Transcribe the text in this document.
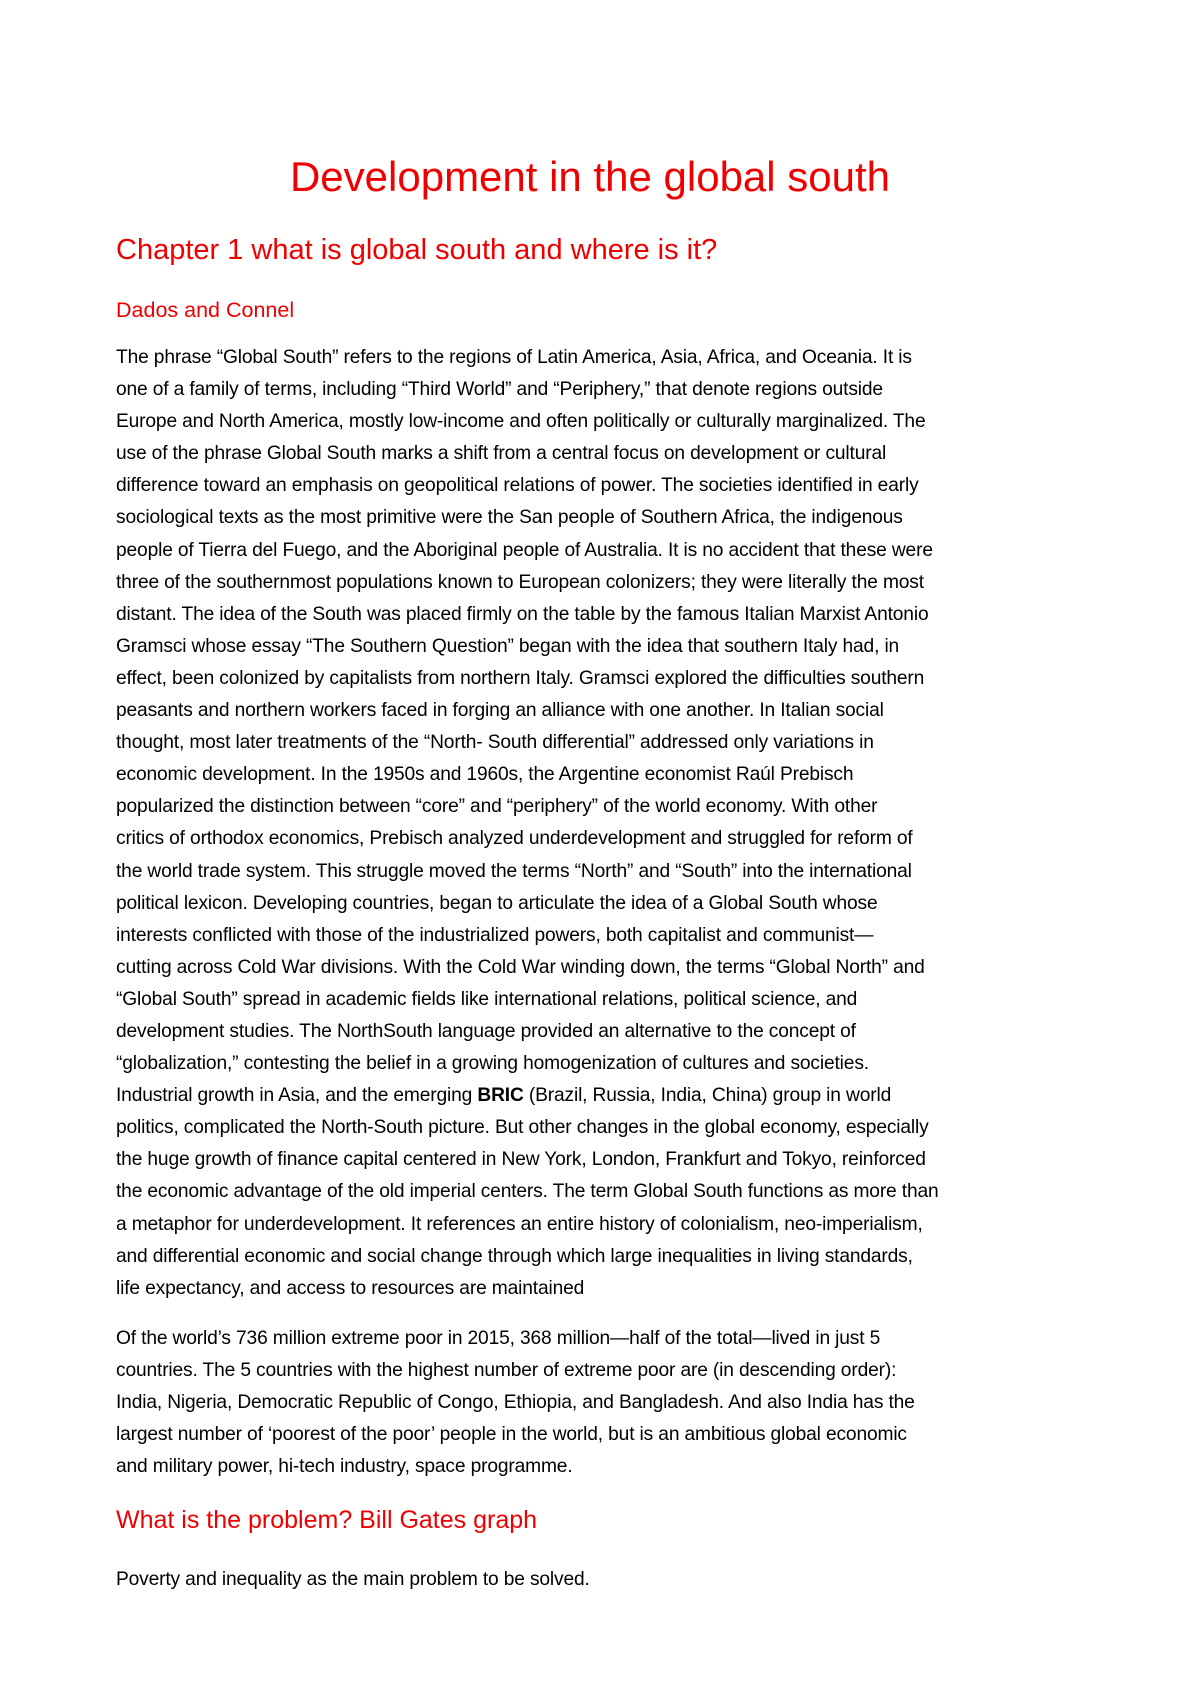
Development in the global south
Chapter 1 what is global south and where is it?
Dados and Connel

The phrase “Global South” refers to the regions of Latin America, Asia, Africa, and Oceania. It is
one of a family of terms, including “Third World” and “Periphery,” that denote regions outside
Europe and North America, mostly low-income and often politically or culturally marginalized. The
use of the phrase Global South marks a shift from a central focus on development or cultural
difference toward an emphasis on geopolitical relations of power. The societies identified in early
sociological texts as the most primitive were the San people of Southern Africa, the indigenous
people of Tierra del Fuego, and the Aboriginal people of Australia. It is no accident that these were
three of the southernmost populations known to European colonizers; they were literally the most
distant. The idea of the South was placed firmly on the table by the famous Italian Marxist Antonio
Gramsci whose essay “The Southern Question” began with the idea that southern Italy had, in
effect, been colonized by capitalists from northern Italy. Gramsci explored the difficulties southern
peasants and northern workers faced in forging an alliance with one another. In Italian social
thought, most later treatments of the “North- South differential” addressed only variations in
economic development. In the 1950s and 1960s, the Argentine economist Raúl Prebisch
popularized the distinction between “core” and “periphery” of the world economy. With other
critics of orthodox economics, Prebisch analyzed underdevelopment and struggled for reform of
the world trade system. This struggle moved the terms “North” and “South” into the international
political lexicon. Developing countries, began to articulate the idea of a Global South whose
interests conflicted with those of the industrialized powers, both capitalist and communist—
cutting across Cold War divisions. With the Cold War winding down, the terms “Global North” and
“Global South” spread in academic fields like international relations, political science, and
development studies. The NorthSouth language provided an alternative to the concept of
“globalization,” contesting the belief in a growing homogenization of cultures and societies.
Industrial growth in Asia, and the emerging BRIC (Brazil, Russia, India, China) group in world
politics, complicated the North-South picture. But other changes in the global economy, especially
the huge growth of finance capital centered in New York, London, Frankfurt and Tokyo, reinforced
the economic advantage of the old imperial centers. The term Global South functions as more than
a metaphor for underdevelopment. It references an entire history of colonialism, neo-imperialism,
and differential economic and social change through which large inequalities in living standards,
life expectancy, and access to resources are maintained

Of the world’s 736 million extreme poor in 2015, 368 million—half of the total—lived in just 5
countries. The 5 countries with the highest number of extreme poor are (in descending order):
India, Nigeria, Democratic Republic of Congo, Ethiopia, and Bangladesh. And also India has the
largest number of ‘poorest of the poor’ people in the world, but is an ambitious global economic
and military power, hi-tech industry, space programme.

What is the problem? Bill Gates graph

Poverty and inequality as the main problem to be solved.
